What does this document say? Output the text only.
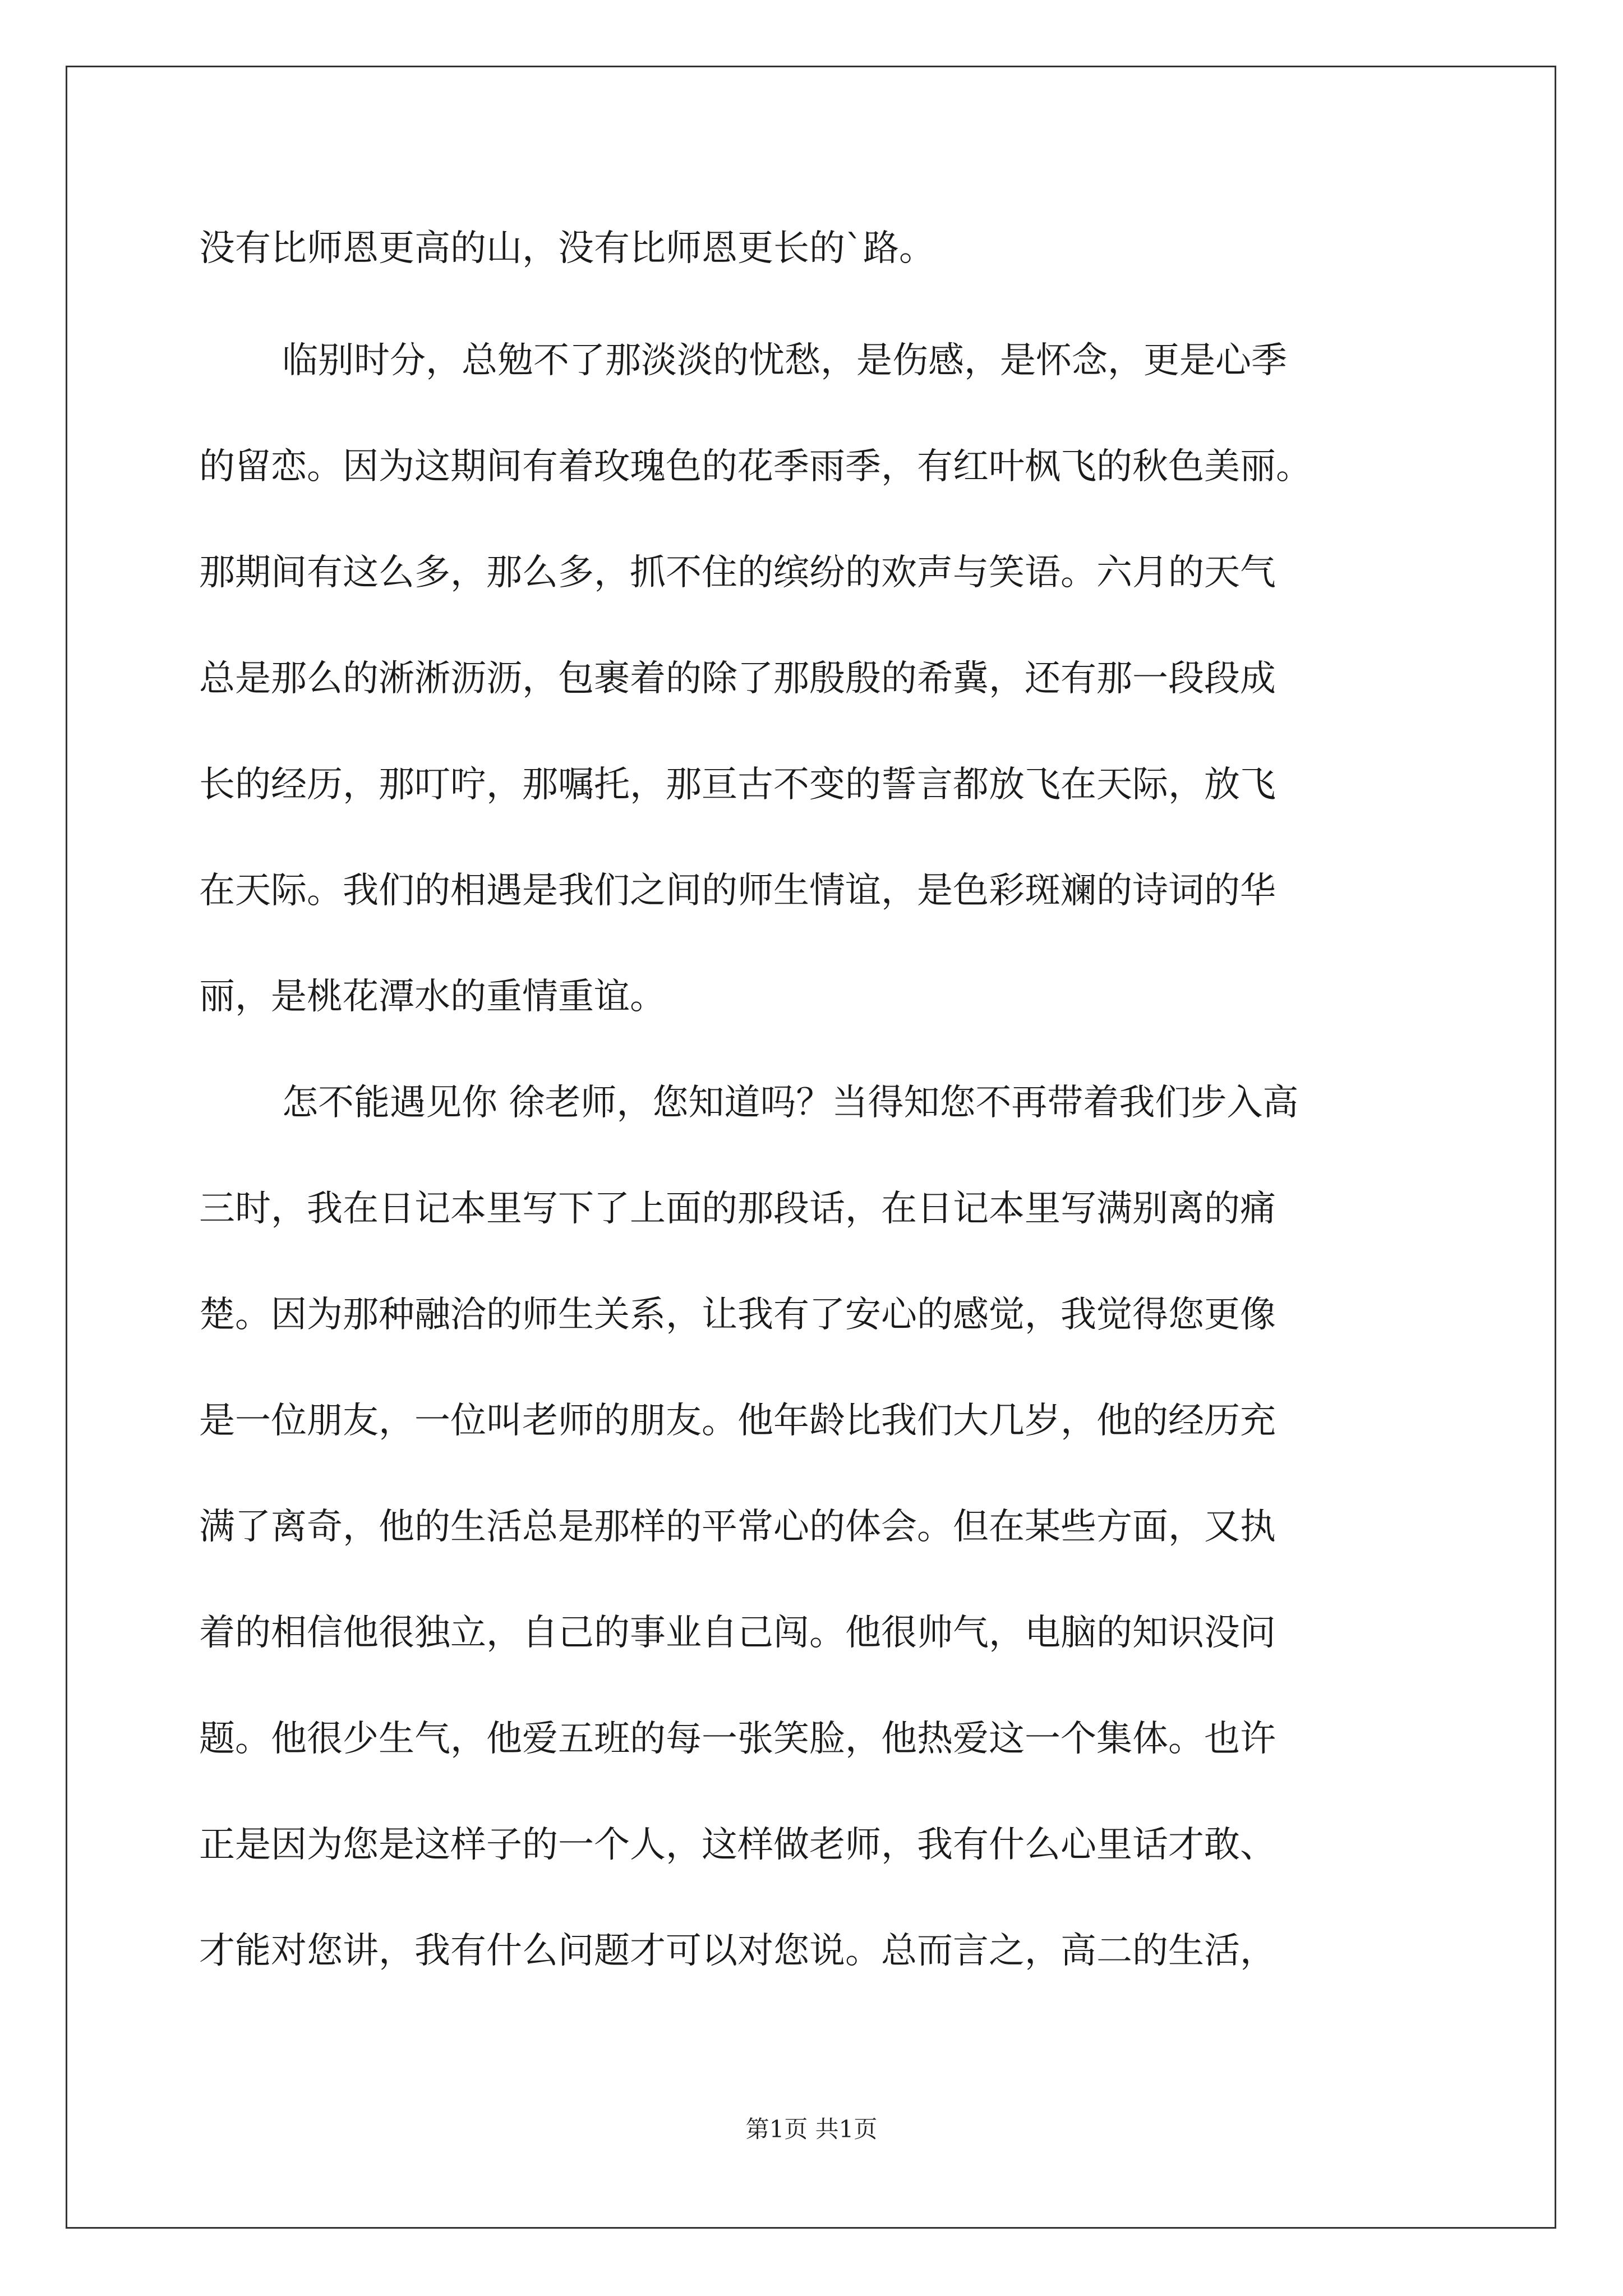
没有比师恩更高的山，没有比师恩更长的`路。
临别时分，总勉不了那淡淡的忧愁，是伤感，是怀念，更是心季
的留恋。因为这期间有着玫瑰色的花季雨季，有红叶枫飞的秋色美丽。
那期间有这么多，那么多，抓不住的缤纷的欢声与笑语。六月的天气
总是那么的淅淅沥沥，包裹着的除了那殷殷的希冀，还有那一段段成
长的经历，那叮咛，那嘱托，那亘古不变的誓言都放飞在天际，放飞
在天际。我们的相遇是我们之间的师生情谊，是色彩斑斓的诗词的华
丽，是桃花潭水的重情重谊。
怎不能遇见你 徐老师，您知道吗？当得知您不再带着我们步入高
三时，我在日记本里写下了上面的那段话，在日记本里写满别离的痛
楚。因为那种融洽的师生关系，让我有了安心的感觉，我觉得您更像
是一位朋友，一位叫老师的朋友。他年龄比我们大几岁，他的经历充
满了离奇，他的生活总是那样的平常心的体会。但在某些方面，又执
着的相信他很独立，自己的事业自己闯。他很帅气，电脑的知识没问
题。他很少生气，他爱五班的每一张笑脸，他热爱这一个集体。也许
正是因为您是这样子的一个人，这样做老师，我有什么心里话才敢、
才能对您讲，我有什么问题才可以对您说。总而言之，高二的生活，
第1页 共1页
